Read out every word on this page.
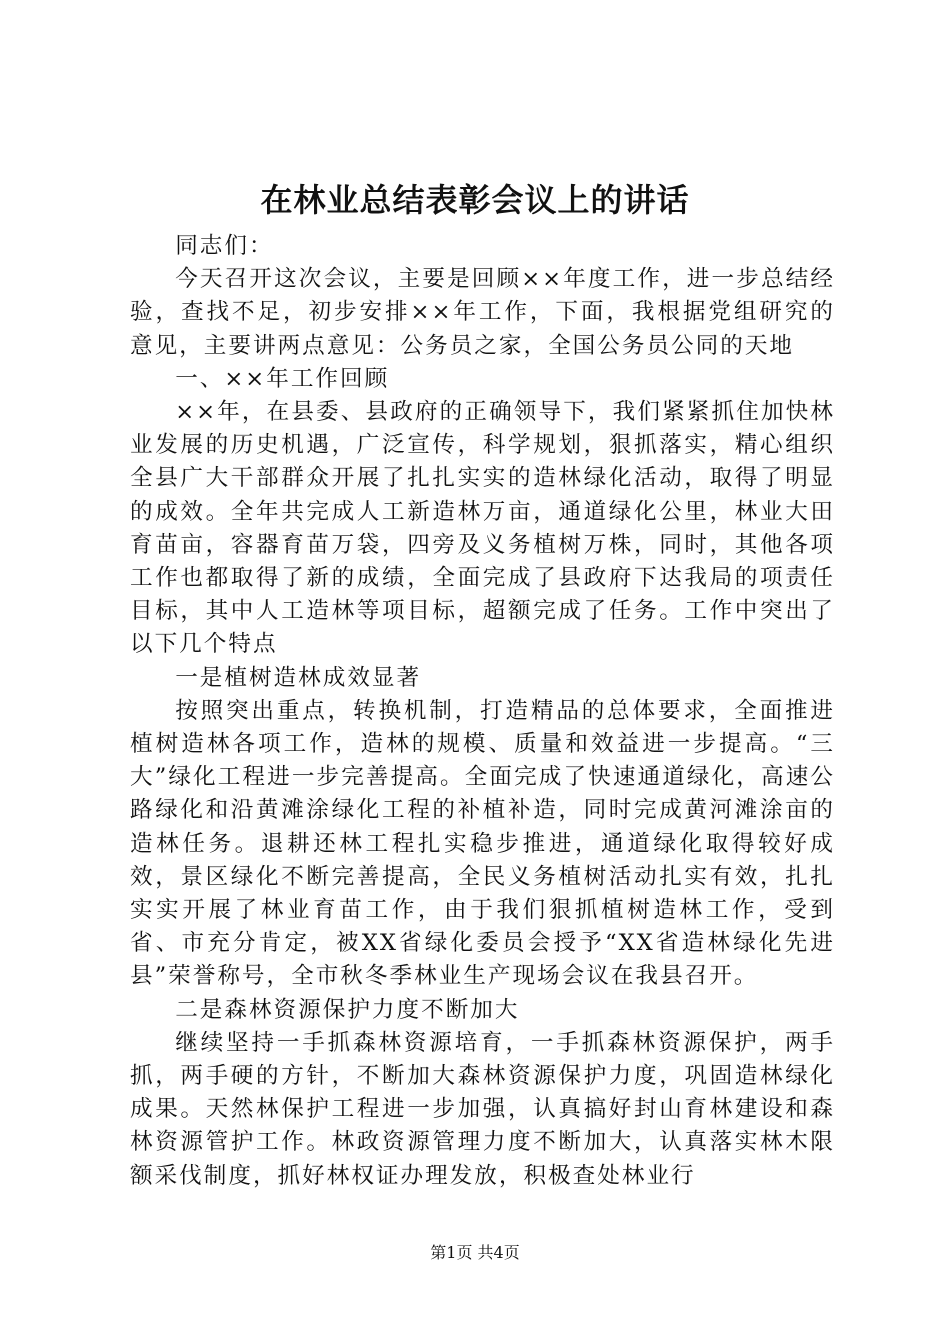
在林业总结表彰会议上的讲话

同志们：

今天召开这次会议，主要是回顾××年度工作，进一步总结经验，查找不足，初步安排××年工作，下面，我根据党组研究的意见，主要讲两点意见：公务员之家，全国公务员公同的天地

一、××年工作回顾

××年，在县委、县政府的正确领导下，我们紧紧抓住加快林业发展的历史机遇，广泛宣传，科学规划，狠抓落实，精心组织全县广大干部群众开展了扎扎实实的造林绿化活动，取得了明显的成效。全年共完成人工新造林万亩，通道绿化公里，林业大田育苗亩，容器育苗万袋，四旁及义务植树万株，同时，其他各项工作也都取得了新的成绩，全面完成了县政府下达我局的项责任目标，其中人工造林等项目标，超额完成了任务。工作中突出了以下几个特点

一是植树造林成效显著

按照突出重点，转换机制，打造精品的总体要求，全面推进植树造林各项工作，造林的规模、质量和效益进一步提高。“三大”绿化工程进一步完善提高。全面完成了快速通道绿化，高速公路绿化和沿黄滩涂绿化工程的补植补造，同时完成黄河滩涂亩的造林任务。退耕还林工程扎实稳步推进，通道绿化取得较好成效，景区绿化不断完善提高，全民义务植树活动扎实有效，扎扎实实开展了林业育苗工作，由于我们狠抓植树造林工作，受到省、市充分肯定，被XX省绿化委员会授予“XX省造林绿化先进县”荣誉称号，全市秋冬季林业生产现场会议在我县召开。

二是森林资源保护力度不断加大

继续坚持一手抓森林资源培育，一手抓森林资源保护，两手抓，两手硬的方针，不断加大森林资源保护力度，巩固造林绿化成果。天然林保护工程进一步加强，认真搞好封山育林建设和森林资源管护工作。林政资源管理力度不断加大，认真落实林木限额采伐制度，抓好林权证办理发放，积极查处林业行

第1页 共4页
